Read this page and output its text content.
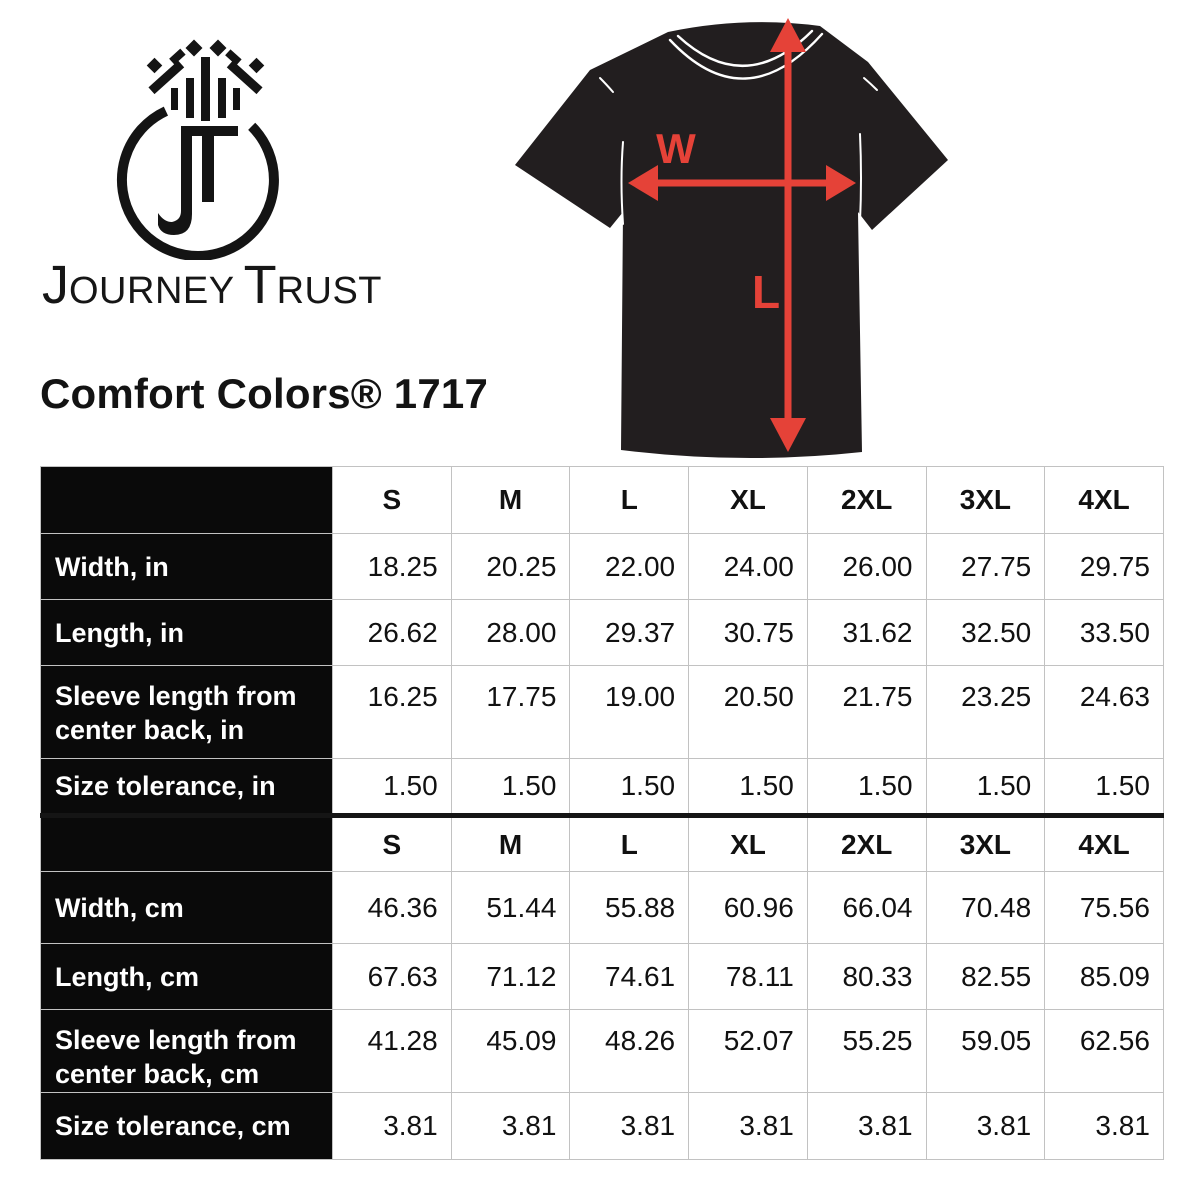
JOURNEY TRUST
Comfort Colors® 1717
W
L
	S	M	L	XL	2XL	3XL	4XL
Width, in	18.25	20.25	22.00	24.00	26.00	27.75	29.75
Length, in	26.62	28.00	29.37	30.75	31.62	32.50	33.50
Sleeve length from center back, in	16.25	17.75	19.00	20.50	21.75	23.25	24.63
Size tolerance, in	1.50	1.50	1.50	1.50	1.50	1.50	1.50
	S	M	L	XL	2XL	3XL	4XL
Width, cm	46.36	51.44	55.88	60.96	66.04	70.48	75.56
Length, cm	67.63	71.12	74.61	78.11	80.33	82.55	85.09
Sleeve length from center back, cm	41.28	45.09	48.26	52.07	55.25	59.05	62.56
Size tolerance, cm	3.81	3.81	3.81	3.81	3.81	3.81	3.81
